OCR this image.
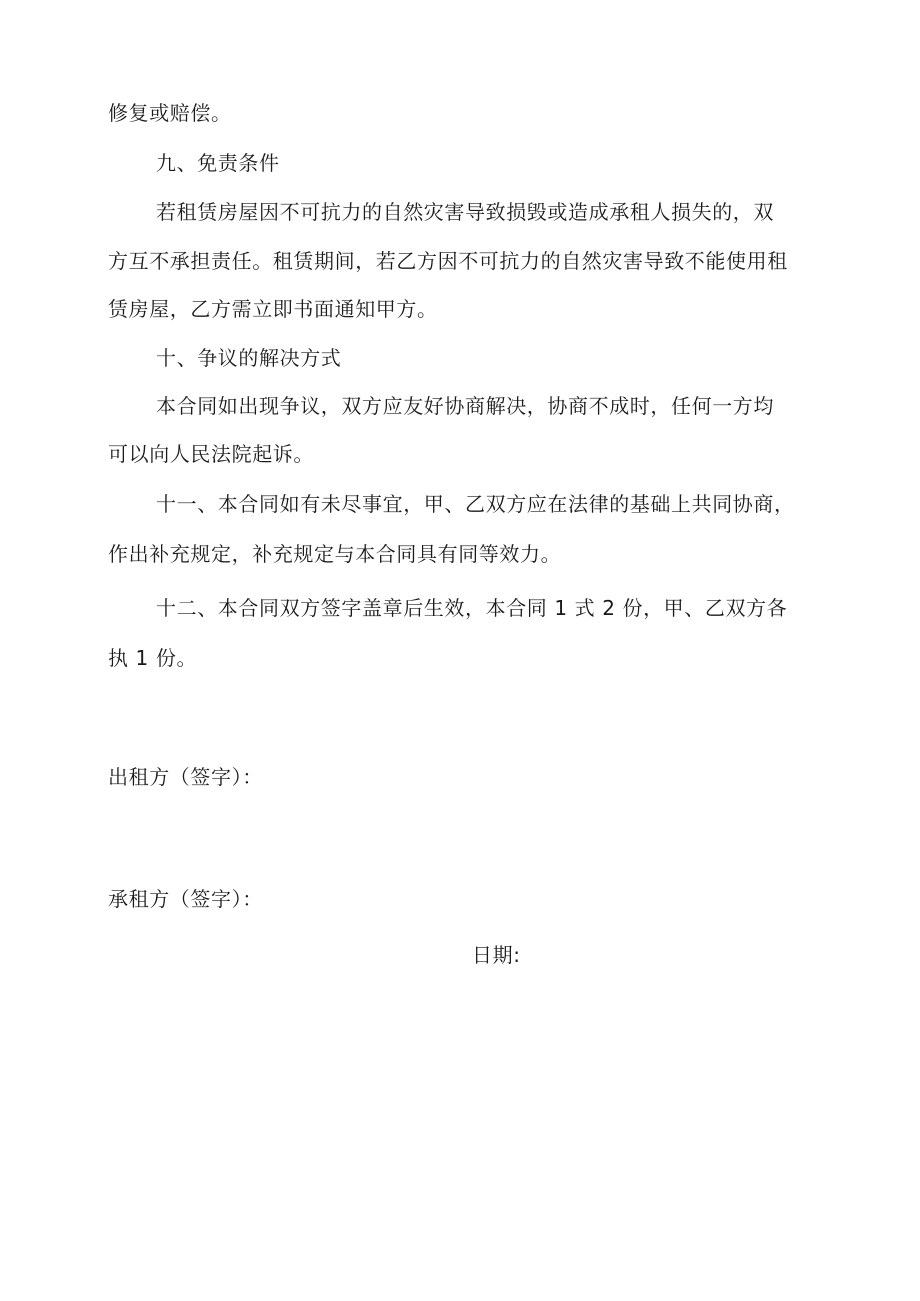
修复或赔偿。
九、免责条件
若租赁房屋因不可抗力的自然灾害导致损毁或造成承租人损失的，双
方互不承担责任。租赁期间，若乙方因不可抗力的自然灾害导致不能使用租
赁房屋，乙方需立即书面通知甲方。
十、争议的解决方式
本合同如出现争议，双方应友好协商解决，协商不成时，任何一方均
可以向人民法院起诉。
十一、本合同如有未尽事宜，甲、乙双方应在法律的基础上共同协商，
作出补充规定，补充规定与本合同具有同等效力。
十二、本合同双方签字盖章后生效，本合同 1 式 2 份，甲、乙双方各
执 1 份。
出租方（签字）：
承租方（签字）：
日期:
